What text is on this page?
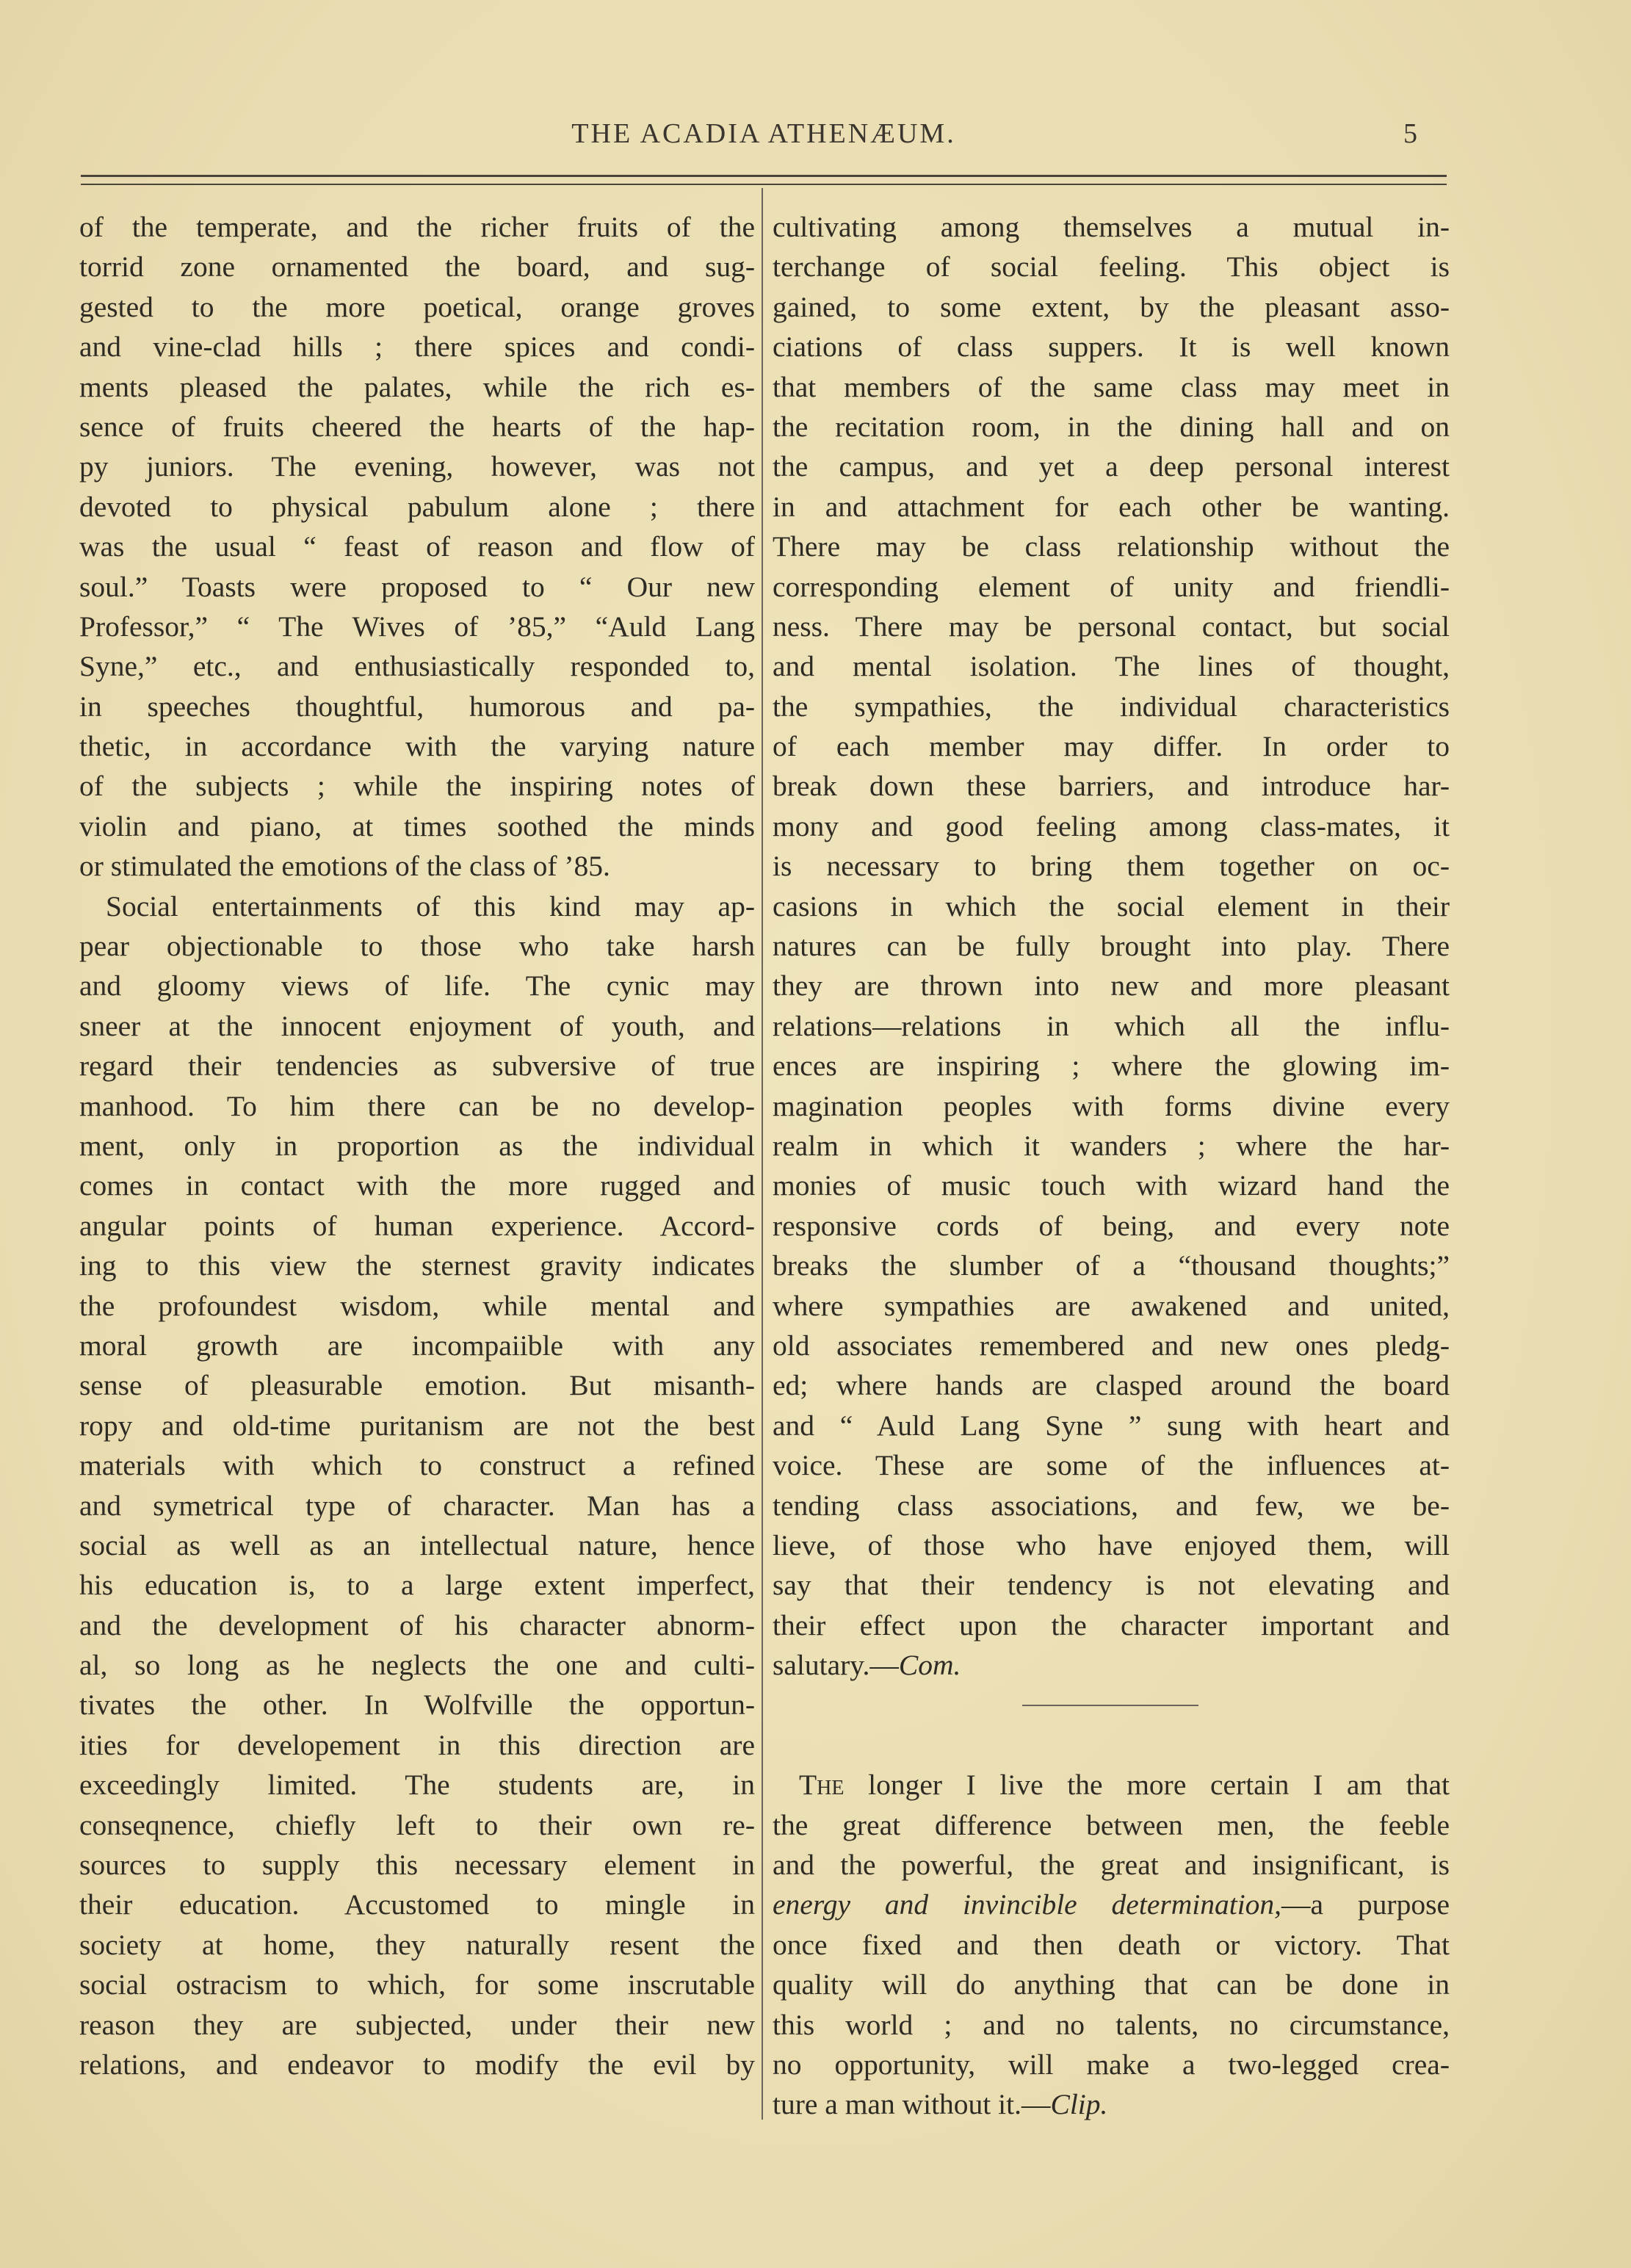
THE ACADIA ATHENÆUM.	5
of the temperate, and the richer fruits of the
torrid zone ornamented the board, and sug-
gested to the more poetical, orange groves
and vine-clad hills ; there spices and condi-
ments pleased the palates, while the rich es-
sence of fruits cheered the hearts of the hap-
py juniors. The evening, however, was not
devoted to physical pabulum alone ; there
was the usual “ feast of reason and flow of
soul.” Toasts were proposed to “ Our new
Professor,” “ The Wives of ’85,” “Auld Lang
Syne,” etc., and enthusiastically responded to,
in speeches thoughtful, humorous and pa-
thetic, in accordance with the varying nature
of the subjects ; while the inspiring notes of
violin and piano, at times soothed the minds
or stimulated the emotions of the class of ’85.
Social entertainments of this kind may ap-
pear objectionable to those who take harsh
and gloomy views of life. The cynic may
sneer at the innocent enjoyment of youth, and
regard their tendencies as subversive of true
manhood. To him there can be no develop-
ment, only in proportion as the individual
comes in contact with the more rugged and
angular points of human experience. Accord-
ing to this view the sternest gravity indicates
the profoundest wisdom, while mental and
moral growth are incompaiible with any
sense of pleasurable emotion. But misanth-
ropy and old-time puritanism are not the best
materials with which to construct a refined
and symetrical type of character. Man has a
social as well as an intellectual nature, hence
his education is, to a large extent imperfect,
and the development of his character abnorm-
al, so long as he neglects the one and culti-
tivates the other. In Wolfville the opportun-
ities for developement in this direction are
exceedingly limited. The students are, in
conseqnence, chiefly left to their own re-
sources to supply this necessary element in
their education. Accustomed to mingle in
society at home, they naturally resent the
social ostracism to which, for some inscrutable
reason they are subjected, under their new
relations, and endeavor to modify the evil by
cultivating among themselves a mutual in-
terchange of social feeling. This object is
gained, to some extent, by the pleasant asso-
ciations of class suppers. It is well known
that members of the same class may meet in
the recitation room, in the dining hall and on
the campus, and yet a deep personal interest
in and attachment for each other be wanting.
There may be class relationship without the
corresponding element of unity and friendli-
ness. There may be personal contact, but social
and mental isolation. The lines of thought,
the sympathies, the individual characteristics
of each member may differ. In order to
break down these barriers, and introduce har-
mony and good feeling among class-mates, it
is necessary to bring them together on oc-
casions in which the social element in their
natures can be fully brought into play. There
they are thrown into new and more pleasant
relations—relations in which all the influ-
ences are inspiring ; where the glowing im-
magination peoples with forms divine every
realm in which it wanders ; where the har-
monies of music touch with wizard hand the
responsive cords of being, and every note
breaks the slumber of a “thousand thoughts;”
where sympathies are awakened and united,
old associates remembered and new ones pledg-
ed; where hands are clasped around the board
and “ Auld Lang Syne ” sung with heart and
voice. These are some of the influences at-
tending class associations, and few, we be-
lieve, of those who have enjoyed them, will
say that their tendency is not elevating and
their effect upon the character important and
salutary.—Com.
The longer I live the more certain I am that
the great difference between men, the feeble
and the powerful, the great and insignificant, is
energy and invincible determination,—a purpose
once fixed and then death or victory. That
quality will do anything that can be done in
this world ; and no talents, no circumstance,
no opportunity, will make a two-legged crea-
ture a man without it.—Clip.
